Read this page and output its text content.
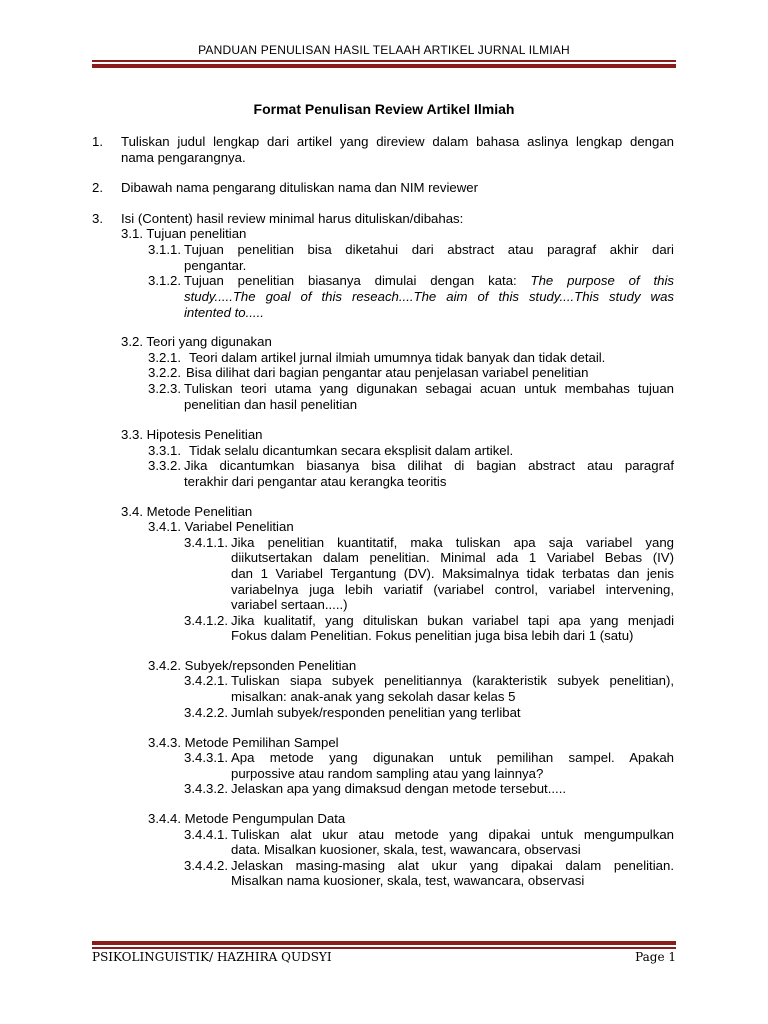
PANDUAN PENULISAN HASIL TELAAH ARTIKEL JURNAL ILMIAH
Format Penulisan Review Artikel Ilmiah
1. Tuliskan judul lengkap dari artikel yang direview dalam bahasa aslinya lengkap dengan
nama pengarangnya.
2. Dibawah nama pengarang dituliskan nama dan NIM reviewer
3. Isi (Content) hasil review minimal harus dituliskan/dibahas:
3.1. Tujuan penelitian
3.1.1. Tujuan penelitian bisa diketahui dari abstract atau paragraf akhir dari
pengantar.
3.1.2. Tujuan penelitian biasanya dimulai dengan kata: The purpose of this
study.....The goal of this reseach....The aim of this study....This study was
intented to.....
3.2. Teori yang digunakan
3.2.1. Teori dalam artikel jurnal ilmiah umumnya tidak banyak dan tidak detail.
3.2.2. Bisa dilihat dari bagian pengantar atau penjelasan variabel penelitian
3.2.3. Tuliskan teori utama yang digunakan sebagai acuan untuk membahas tujuan
penelitian dan hasil penelitian
3.3. Hipotesis Penelitian
3.3.1. Tidak selalu dicantumkan secara eksplisit dalam artikel.
3.3.2. Jika dicantumkan biasanya bisa dilihat di bagian abstract atau paragraf
terakhir dari pengantar atau kerangka teoritis
3.4. Metode Penelitian
3.4.1. Variabel Penelitian
3.4.1.1. Jika penelitian kuantitatif, maka tuliskan apa saja variabel yang
diikutsertakan dalam penelitian. Minimal ada 1 Variabel Bebas (IV)
dan 1 Variabel Tergantung (DV). Maksimalnya tidak terbatas dan jenis
variabelnya juga lebih variatif (variabel control, variabel intervening,
variabel sertaan.....)
3.4.1.2. Jika kualitatif, yang dituliskan bukan variabel tapi apa yang menjadi
Fokus dalam Penelitian. Fokus penelitian juga bisa lebih dari 1 (satu)
3.4.2. Subyek/repsonden Penelitian
3.4.2.1. Tuliskan siapa subyek penelitiannya (karakteristik subyek penelitian),
misalkan: anak-anak yang sekolah dasar kelas 5
3.4.2.2. Jumlah subyek/responden penelitian yang terlibat
3.4.3. Metode Pemilihan Sampel
3.4.3.1. Apa metode yang digunakan untuk pemilihan sampel. Apakah
purpossive atau random sampling atau yang lainnya?
3.4.3.2. Jelaskan apa yang dimaksud dengan metode tersebut.....
3.4.4. Metode Pengumpulan Data
3.4.4.1. Tuliskan alat ukur atau metode yang dipakai untuk mengumpulkan
data. Misalkan kuosioner, skala, test, wawancara, observasi
3.4.4.2. Jelaskan masing-masing alat ukur yang dipakai dalam penelitian.
Misalkan nama kuosioner, skala, test, wawancara, observasi
PSIKOLINGUISTIK/ HAZHIRA QUDSYI	Page 1
